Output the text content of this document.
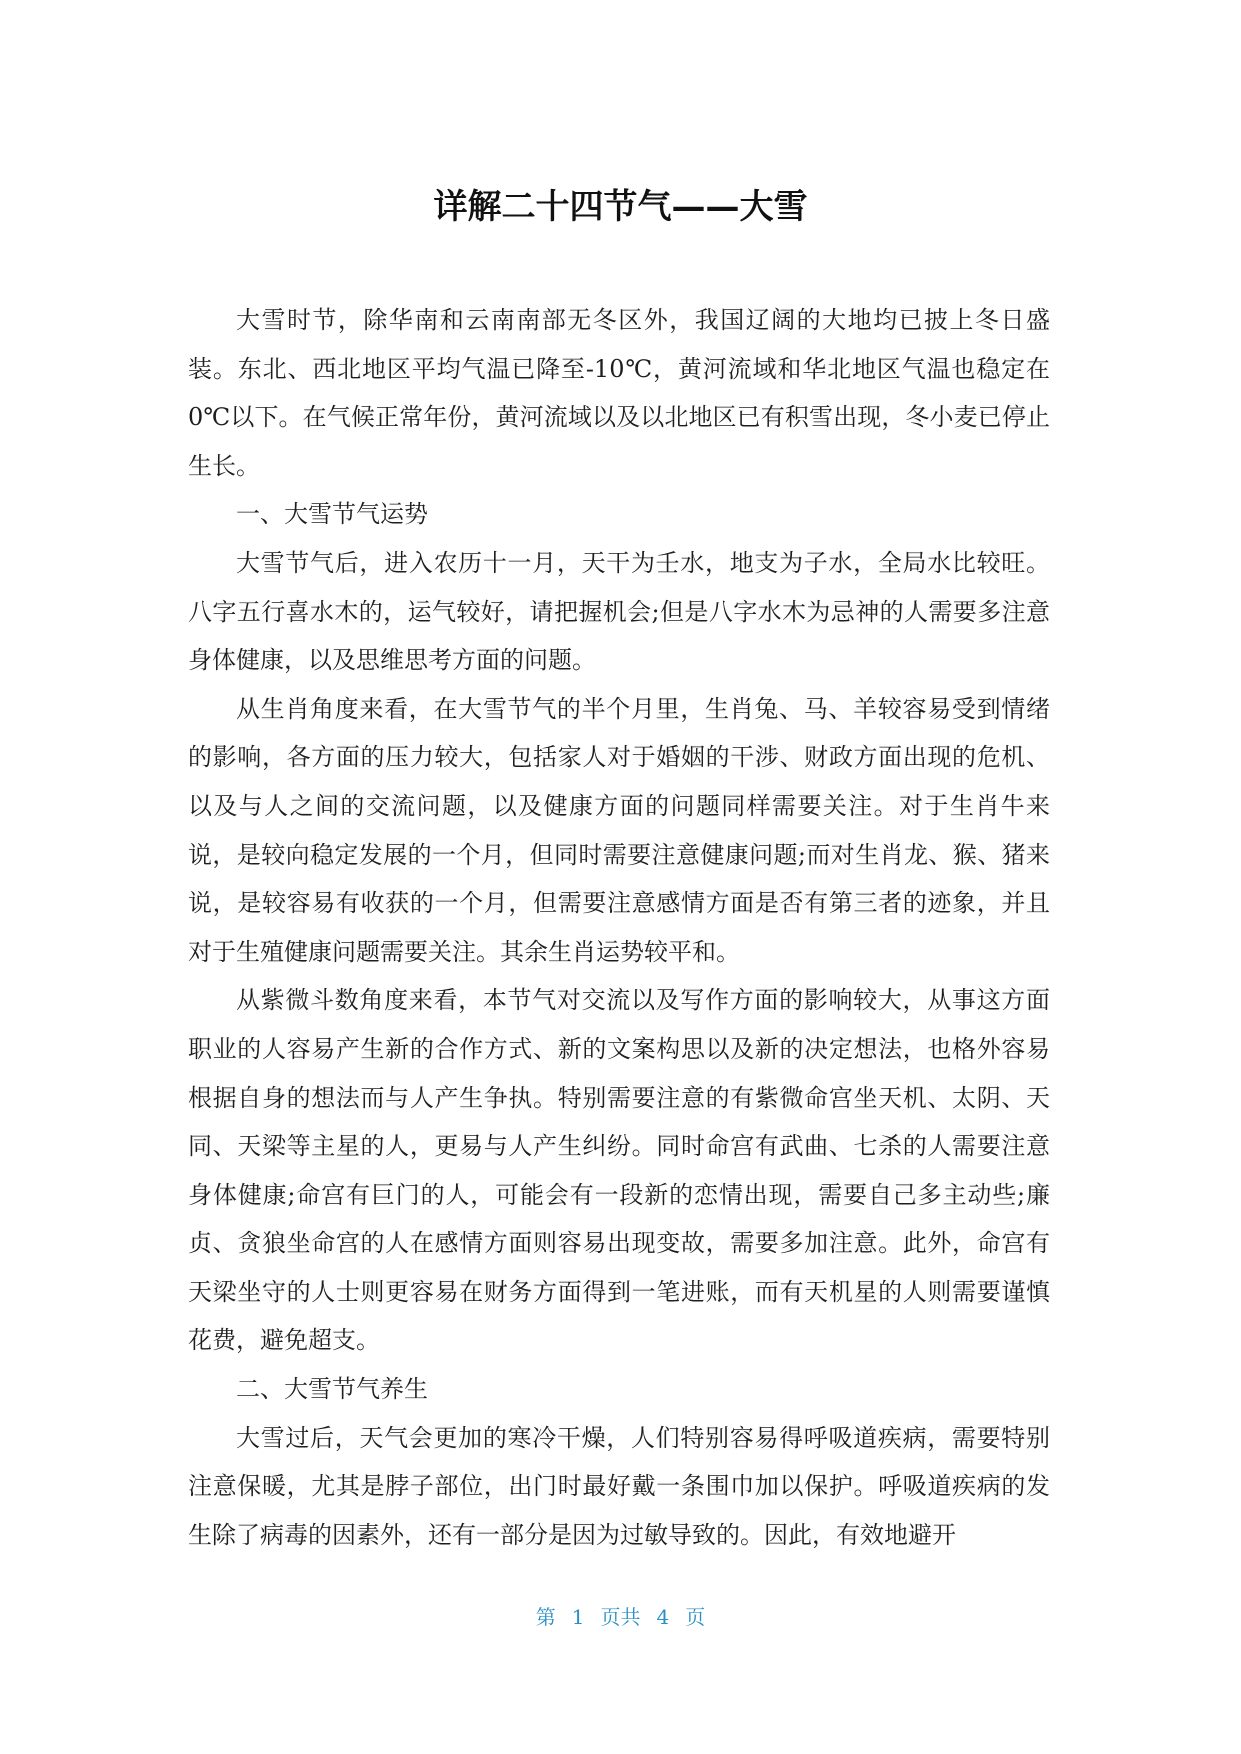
详解二十四节气——大雪

大雪时节，除华南和云南南部无冬区外，我国辽阔的大地均已披上冬日盛装。东北、西北地区平均气温已降至-10℃，黄河流域和华北地区气温也稳定在0℃以下。在气候正常年份，黄河流域以及以北地区已有积雪出现，冬小麦已停止生长。

一、大雪节气运势

大雪节气后，进入农历十一月，天干为壬水，地支为子水，全局水比较旺。八字五行喜水木的，运气较好，请把握机会;但是八字水木为忌神的人需要多注意身体健康，以及思维思考方面的问题。

从生肖角度来看，在大雪节气的半个月里，生肖兔、马、羊较容易受到情绪的影响，各方面的压力较大，包括家人对于婚姻的干涉、财政方面出现的危机、以及与人之间的交流问题，以及健康方面的问题同样需要关注。对于生肖牛来说，是较向稳定发展的一个月，但同时需要注意健康问题;而对生肖龙、猴、猪来说，是较容易有收获的一个月，但需要注意感情方面是否有第三者的迹象，并且对于生殖健康问题需要关注。其余生肖运势较平和。

从紫微斗数角度来看，本节气对交流以及写作方面的影响较大，从事这方面职业的人容易产生新的合作方式、新的文案构思以及新的决定想法，也格外容易根据自身的想法而与人产生争执。特别需要注意的有紫微命宫坐天机、太阴、天同、天梁等主星的人，更易与人产生纠纷。同时命宫有武曲、七杀的人需要注意身体健康;命宫有巨门的人，可能会有一段新的恋情出现，需要自己多主动些;廉贞、贪狼坐命宫的人在感情方面则容易出现变故，需要多加注意。此外，命宫有天梁坐守的人士则更容易在财务方面得到一笔进账，而有天机星的人则需要谨慎花费，避免超支。

二、大雪节气养生

大雪过后，天气会更加的寒冷干燥，人们特别容易得呼吸道疾病，需要特别注意保暖，尤其是脖子部位，出门时最好戴一条围巾加以保护。呼吸道疾病的发生除了病毒的因素外，还有一部分是因为过敏导致的。因此，有效地避开

第 1 页共 4 页
